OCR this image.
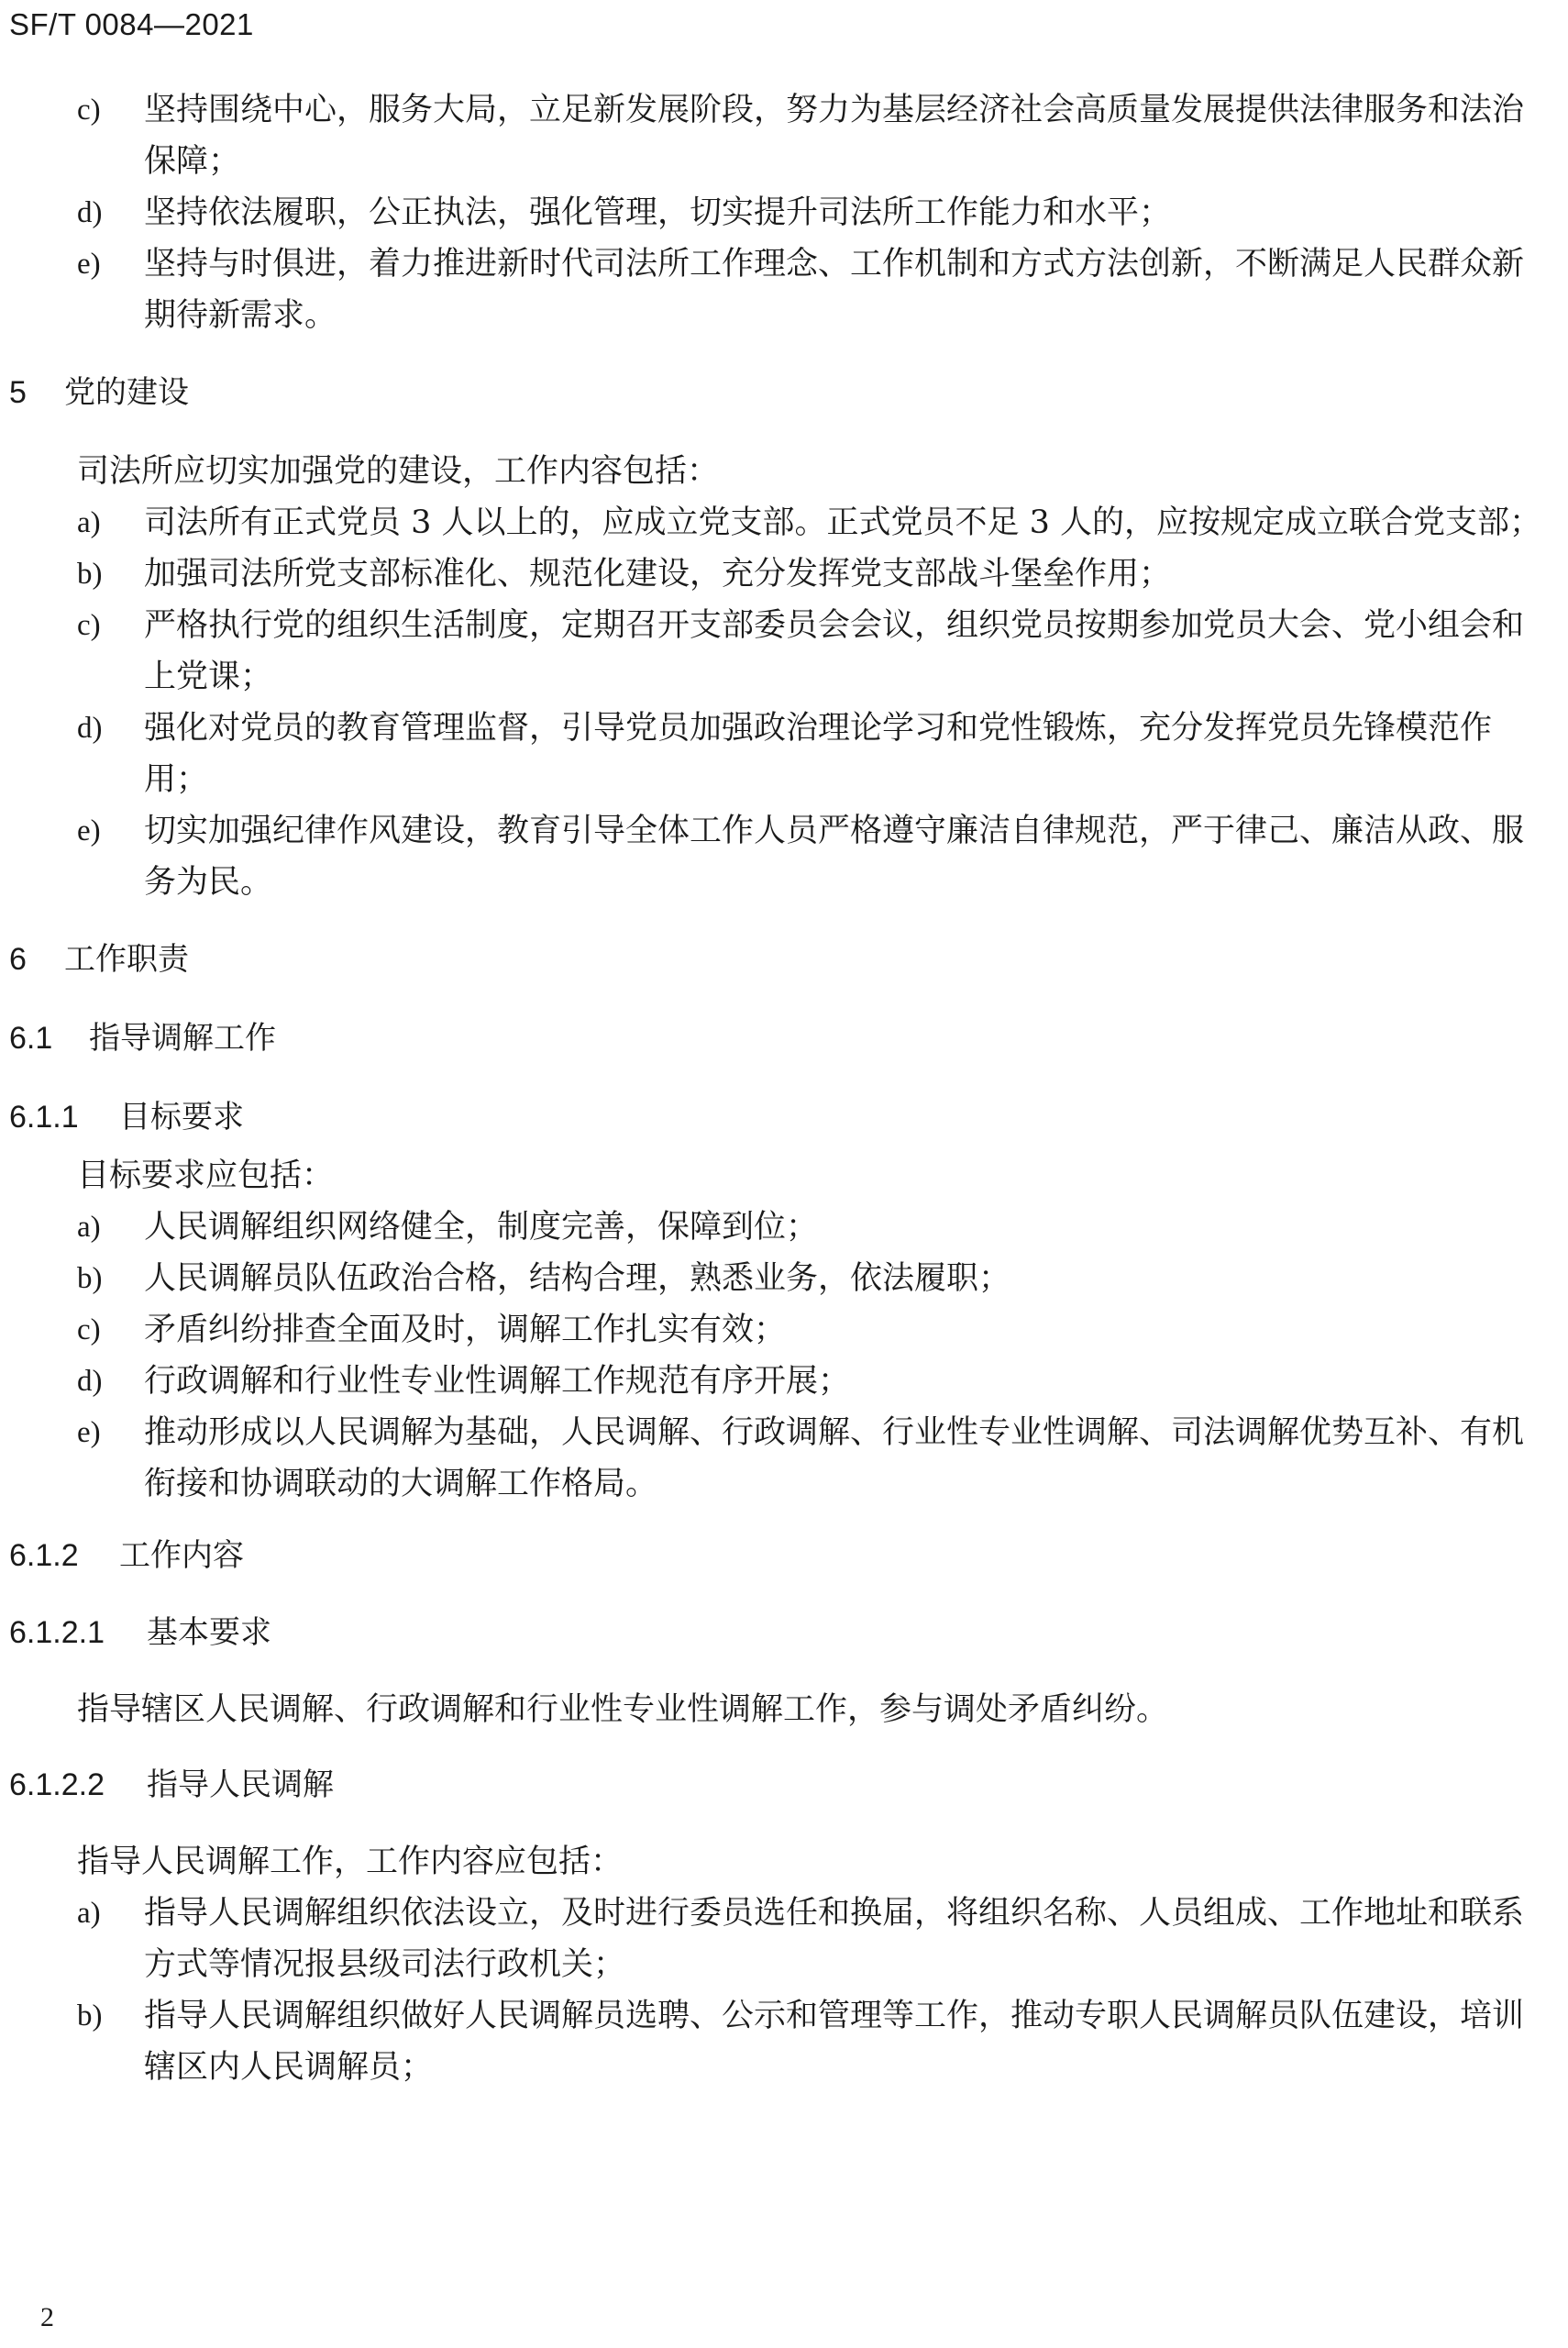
SF/T 0084—2021
c) 坚持围绕中心，服务大局，立足新发展阶段，努力为基层经济社会高质量发展提供法律服务和法治保障；
d) 坚持依法履职，公正执法，强化管理，切实提升司法所工作能力和水平；
e) 坚持与时俱进，着力推进新时代司法所工作理念、工作机制和方式方法创新，不断满足人民群众新期待新需求。
5 党的建设
司法所应切实加强党的建设，工作内容包括：
a) 司法所有正式党员 3 人以上的，应成立党支部。正式党员不足 3 人的，应按规定成立联合党支部；
b) 加强司法所党支部标准化、规范化建设，充分发挥党支部战斗堡垒作用；
c) 严格执行党的组织生活制度，定期召开支部委员会会议，组织党员按期参加党员大会、党小组会和上党课；
d) 强化对党员的教育管理监督，引导党员加强政治理论学习和党性锻炼，充分发挥党员先锋模范作用；
e) 切实加强纪律作风建设，教育引导全体工作人员严格遵守廉洁自律规范，严于律己、廉洁从政、服务为民。
6 工作职责
6.1 指导调解工作
6.1.1 目标要求
目标要求应包括：
a) 人民调解组织网络健全，制度完善，保障到位；
b) 人民调解员队伍政治合格，结构合理，熟悉业务，依法履职；
c) 矛盾纠纷排查全面及时，调解工作扎实有效；
d) 行政调解和行业性专业性调解工作规范有序开展；
e) 推动形成以人民调解为基础，人民调解、行政调解、行业性专业性调解、司法调解优势互补、有机衔接和协调联动的大调解工作格局。
6.1.2 工作内容
6.1.2.1 基本要求
指导辖区人民调解、行政调解和行业性专业性调解工作，参与调处矛盾纠纷。
6.1.2.2 指导人民调解
指导人民调解工作，工作内容应包括：
a) 指导人民调解组织依法设立，及时进行委员选任和换届，将组织名称、人员组成、工作地址和联系方式等情况报县级司法行政机关；
b) 指导人民调解组织做好人民调解员选聘、公示和管理等工作，推动专职人民调解员队伍建设，培训辖区内人民调解员；
2
